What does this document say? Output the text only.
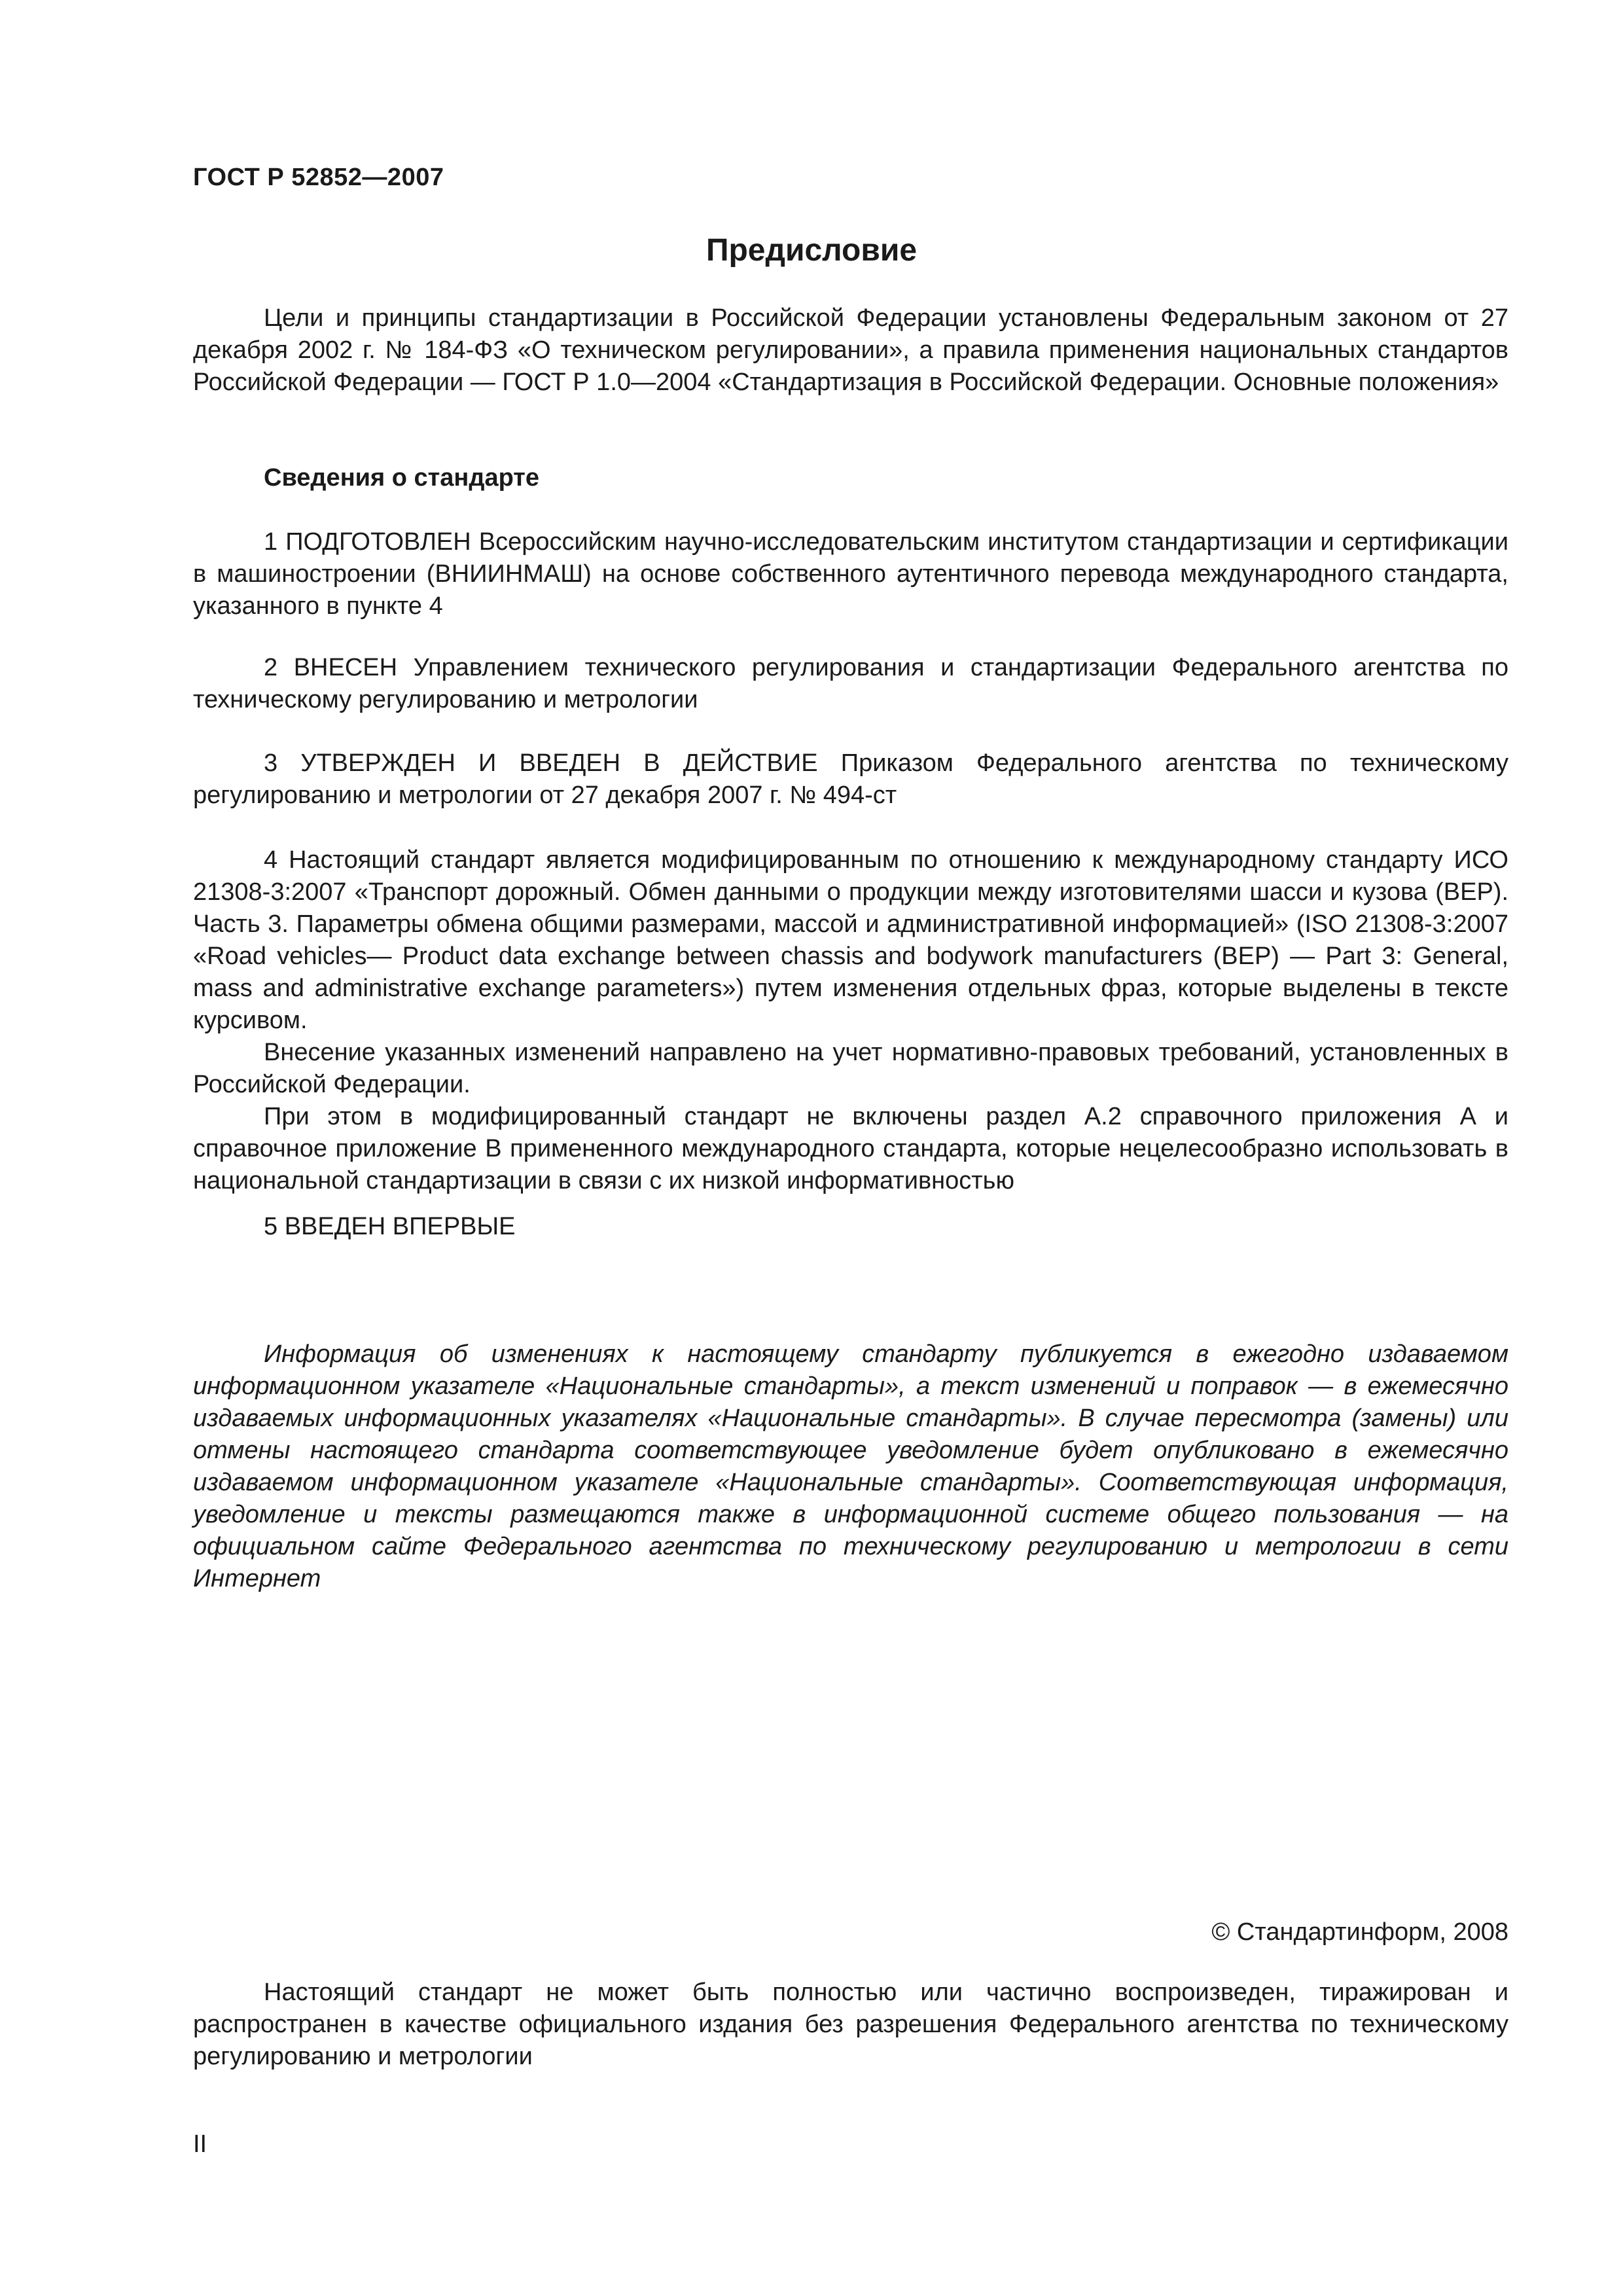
ГОСТ Р 52852—2007
Предисловие

Цели и принципы стандартизации в Российской Федерации установлены Федеральным законом от 27 декабря 2002 г. № 184-ФЗ «О техническом регулировании», а правила применения национальных стандартов Российской Федерации — ГОСТ Р 1.0—2004 «Стандартизация в Российской Федерации. Основные положения»

Сведения о стандарте

1 ПОДГОТОВЛЕН Всероссийским научно-исследовательским институтом стандартизации и сертификации в машиностроении (ВНИИНМАШ) на основе собственного аутентичного перевода международного стандарта, указанного в пункте 4

2 ВНЕСЕН Управлением технического регулирования и стандартизации Федерального агентства по техническому регулированию и метрологии

3 УТВЕРЖДЕН И ВВЕДЕН В ДЕЙСТВИЕ Приказом Федерального агентства по техническому регулированию и метрологии от 27 декабря 2007 г. № 494-ст

4 Настоящий стандарт является модифицированным по отношению к международному стандарту ИСО 21308-3:2007 «Транспорт дорожный. Обмен данными о продукции между изготовителями шасси и кузова (BEP). Часть 3. Параметры обмена общими размерами, массой и административной информацией» (ISO 21308-3:2007 «Road vehicles— Product data exchange between chassis and bodywork manufacturers (BEP) — Part 3: General, mass and administrative exchange parameters») путем изменения отдельных фраз, которые выделены в тексте курсивом.

Внесение указанных изменений направлено на учет нормативно-правовых требований, установленных в Российской Федерации.

При этом в модифицированный стандарт не включены раздел А.2 справочного приложения А и справочное приложение В примененного международного стандарта, которые нецелесообразно использовать в национальной стандартизации в связи с их низкой информативностью

5 ВВЕДЕН ВПЕРВЫЕ

Информация об изменениях к настоящему стандарту публикуется в ежегодно издаваемом информационном указателе «Национальные стандарты», а текст изменений и поправок — в ежемесячно издаваемых информационных указателях «Национальные стандарты». В случае пересмотра (замены) или отмены настоящего стандарта соответствующее уведомление будет опубликовано в ежемесячно издаваемом информационном указателе «Национальные стандарты». Соответствующая информация, уведомление и тексты размещаются также в информационной системе общего пользования — на официальном сайте Федерального агентства по техническому регулированию и метрологии в сети Интернет

© Стандартинформ, 2008

Настоящий стандарт не может быть полностью или частично воспроизведен, тиражирован и распространен в качестве официального издания без разрешения Федерального агентства по техническому регулированию и метрологии

II
